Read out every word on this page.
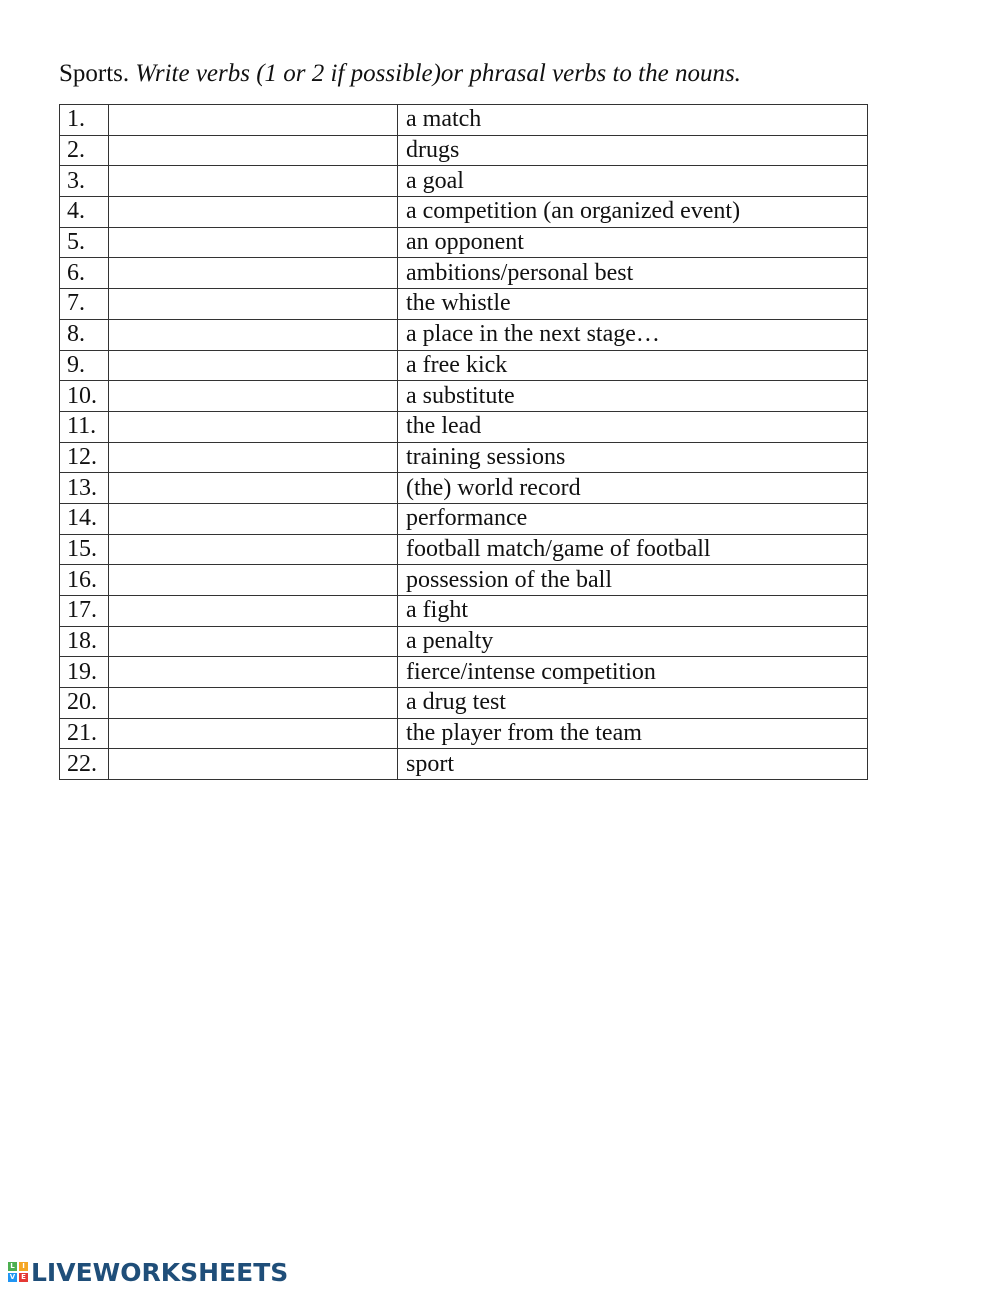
Sports. Write verbs (1 or 2 if possible)or phrasal verbs to the nouns.
1.		a match
2.		drugs
3.		a goal
4.		a competition (an organized event)
5.		an opponent
6.		ambitions/personal best
7.		the whistle
8.		a place in the next stage…
9.		a free kick
10.		a substitute
11.		the lead
12.		training sessions
13.		(the) world record
14.		performance
15.		football match/game of football
16.		possession of the ball
17.		a fight
18.		a penalty
19.		fierce/intense competition
20.		a drug test
21.		the player from the team
22.		sport
L	I
V E LIVEWORKSHEETS
